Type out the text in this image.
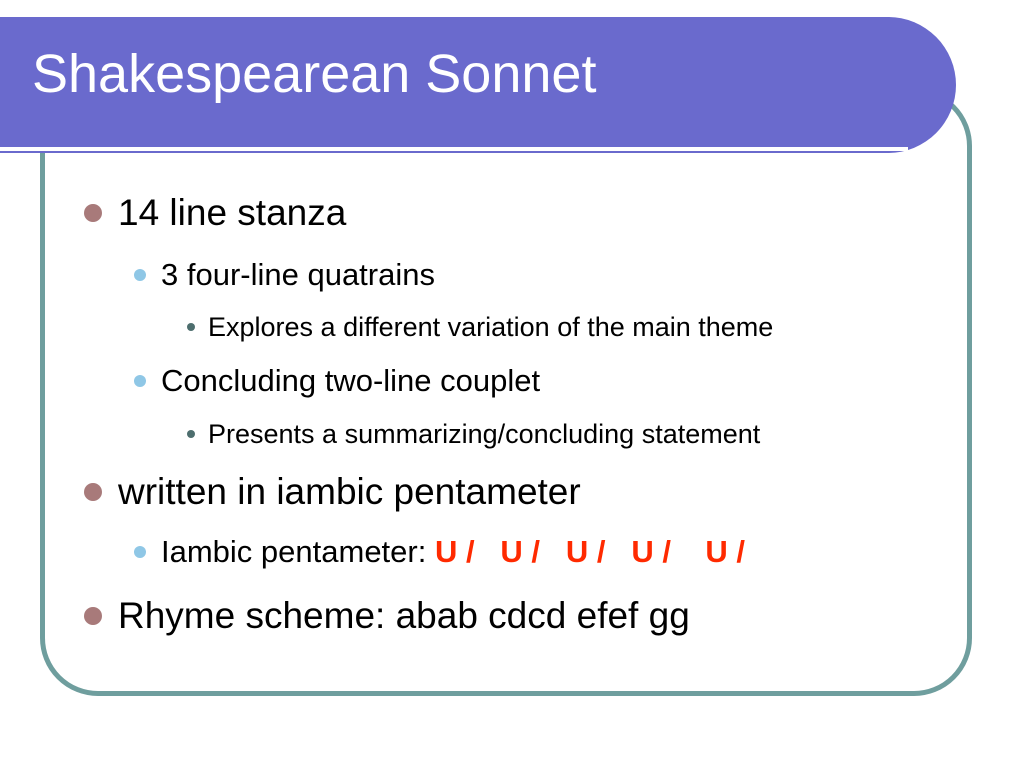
Shakespearean Sonnet
14 line stanza
3 four-line quatrains
Explores a different variation of the main theme
Concluding two-line couplet
Presents a summarizing/concluding statement
written in iambic pentameter
Iambic pentameter: U /   U /   U /   U /    U /
Rhyme scheme: abab cdcd efef gg
